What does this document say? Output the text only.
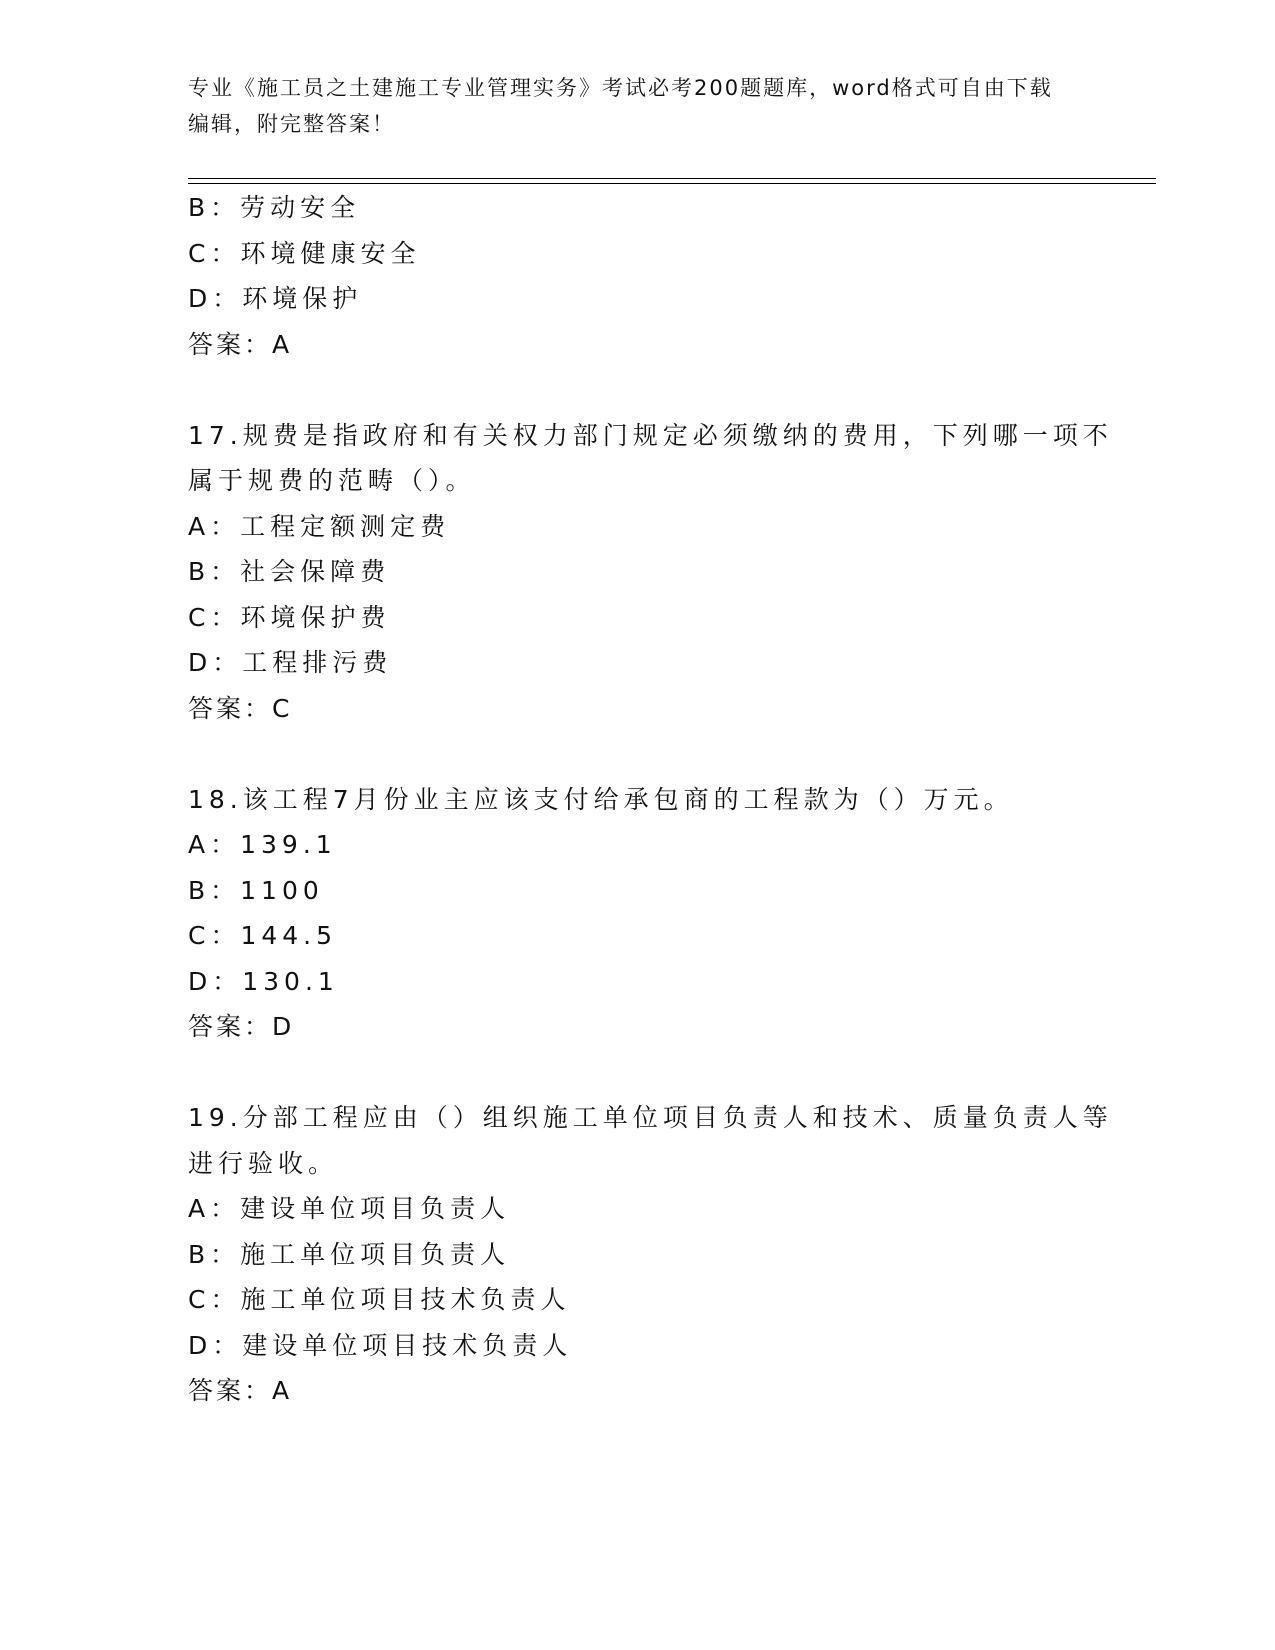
专业《施工员之土建施工专业管理实务》考试必考200题题库，word格式可自由下载编辑，附完整答案！
B：劳动安全
C：环境健康安全
D：环境保护
答案：A
17.规费是指政府和有关权力部门规定必须缴纳的费用，下列哪一项不
属于规费的范畴（）。
A：工程定额测定费
B：社会保障费
C：环境保护费
D：工程排污费
答案：C
18.该工程7月份业主应该支付给承包商的工程款为（）万元。
A：139.1
B：1100
C：144.5
D：130.1
答案：D
19.分部工程应由（）组织施工单位项目负责人和技术、质量负责人等
进行验收。
A：建设单位项目负责人
B：施工单位项目负责人
C：施工单位项目技术负责人
D：建设单位项目技术负责人
答案：A
